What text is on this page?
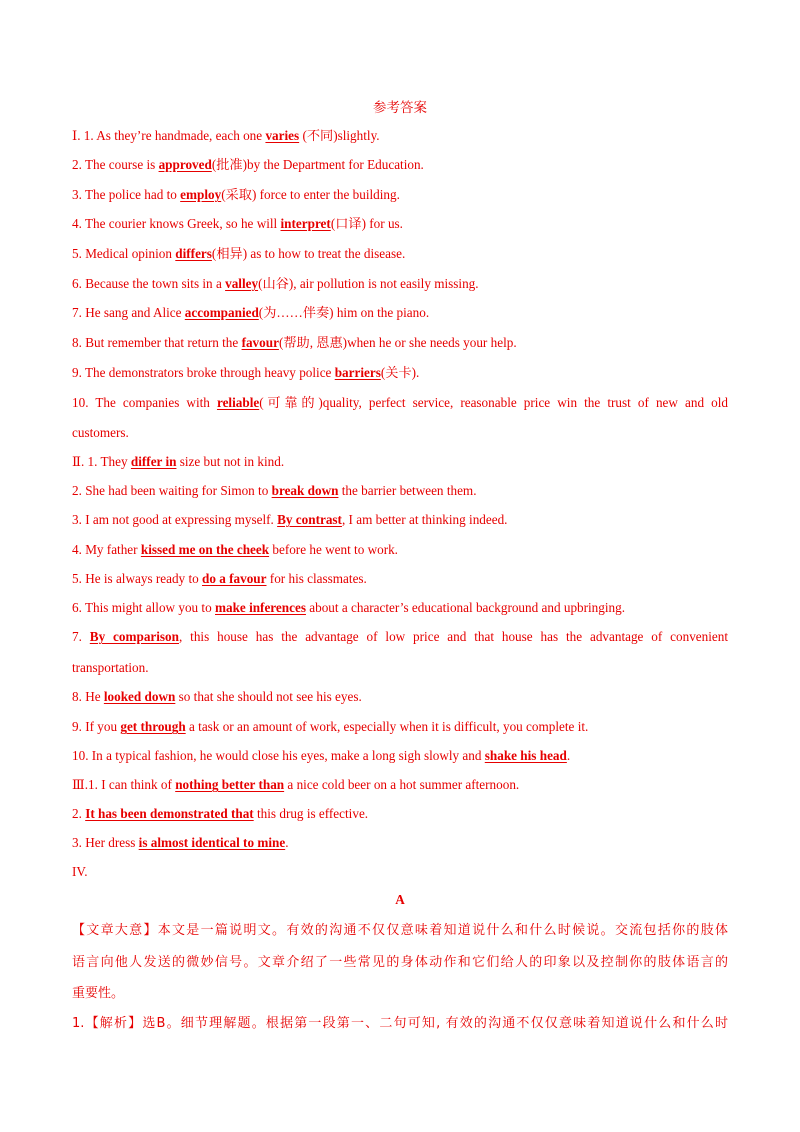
参考答案
Ⅰ. 1. As they’re handmade, each one varies (不同)slightly.
2. The course is approved(批准)by the Department for Education.
3. The police had to employ(采取) force to enter the building.
4. The courier knows Greek, so he will interpret(口译) for us.
5. Medical opinion differs(相异) as to how to treat the disease.
6. Because the town sits in a valley(山谷), air pollution is not easily missing.
7. He sang and Alice accompanied(为……伴奏) him on the piano.
8. But remember that return the favour(帮助, 恩惠)when he or she needs your help.
9. The demonstrators broke through heavy police barriers(关卡).
10. The companies with reliable(可靠的)quality, perfect service, reasonable price win the trust of new and old
customers.
Ⅱ. 1. They differ in size but not in kind.
2. She had been waiting for Simon to break down the barrier between them.
3. I am not good at expressing myself. By contrast, I am better at thinking indeed.
4. My father kissed me on the cheek before he went to work.
5. He is always ready to do a favour for his classmates.
6. This might allow you to make inferences about a character’s educational background and upbringing.
7. By comparison, this house has the advantage of low price and that house has the advantage of convenient
transportation.
8. He looked down so that she should not see his eyes.
9. If you get through a task or an amount of work, especially when it is difficult, you complete it.
10. In a typical fashion, he would close his eyes, make a long sigh slowly and shake his head.
Ⅲ.1. I can think of nothing better than a nice cold beer on a hot summer afternoon.
2. It has been demonstrated that this drug is effective.
3. Her dress is almost identical to mine.
IV.
A
【文章大意】本文是一篇说明文。有效的沟通不仅仅意味着知道说什么和什么时候说。交流包括你的肢体
语言向他人发送的微妙信号。文章介绍了一些常见的身体动作和它们给人的印象以及控制你的肢体语言的
重要性。
1.【解析】选B。细节理解题。根据第一段第一、二句可知, 有效的沟通不仅仅意味着知道说什么和什么时
